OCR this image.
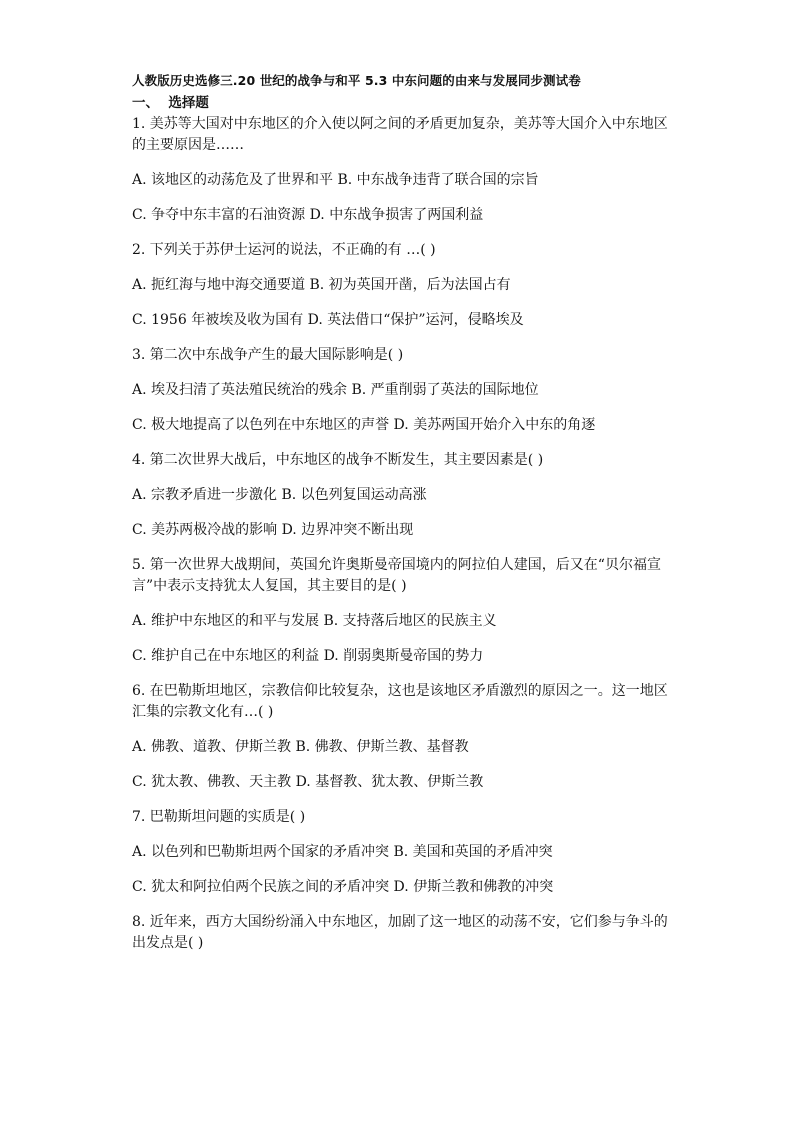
人教版历史选修三.20 世纪的战争与和平 5.3 中东问题的由来与发展同步测试卷
一、  选择题
1. 美苏等大国对中东地区的介入使以阿之间的矛盾更加复杂，美苏等大国介入中东地区的主要原因是……
A. 该地区的动荡危及了世界和平 B. 中东战争违背了联合国的宗旨
C. 争夺中东丰富的石油资源 D. 中东战争损害了两国利益
2. 下列关于苏伊士运河的说法，不正确的有 …( )
A. 扼红海与地中海交通要道 B. 初为英国开凿，后为法国占有
C. 1956 年被埃及收为国有 D. 英法借口“保护”运河，侵略埃及
3. 第二次中东战争产生的最大国际影响是( )
A. 埃及扫清了英法殖民统治的残余 B. 严重削弱了英法的国际地位
C. 极大地提高了以色列在中东地区的声誉 D. 美苏两国开始介入中东的角逐
4. 第二次世界大战后，中东地区的战争不断发生，其主要因素是( )
A. 宗教矛盾进一步激化 B. 以色列复国运动高涨
C. 美苏两极冷战的影响 D. 边界冲突不断出现
5. 第一次世界大战期间，英国允许奥斯曼帝国境内的阿拉伯人建国，后又在“贝尔福宣言”中表示支持犹太人复国，其主要目的是( )
A. 维护中东地区的和平与发展 B. 支持落后地区的民族主义
C. 维护自己在中东地区的利益 D. 削弱奥斯曼帝国的势力
6. 在巴勒斯坦地区，宗教信仰比较复杂，这也是该地区矛盾激烈的原因之一。这一地区汇集的宗教文化有…( )
A. 佛教、道教、伊斯兰教 B. 佛教、伊斯兰教、基督教
C. 犹太教、佛教、天主教 D. 基督教、犹太教、伊斯兰教
7. 巴勒斯坦问题的实质是( )
A. 以色列和巴勒斯坦两个国家的矛盾冲突 B. 美国和英国的矛盾冲突
C. 犹太和阿拉伯两个民族之间的矛盾冲突 D. 伊斯兰教和佛教的冲突
8. 近年来，西方大国纷纷涌入中东地区，加剧了这一地区的动荡不安，它们参与争斗的出发点是( )
